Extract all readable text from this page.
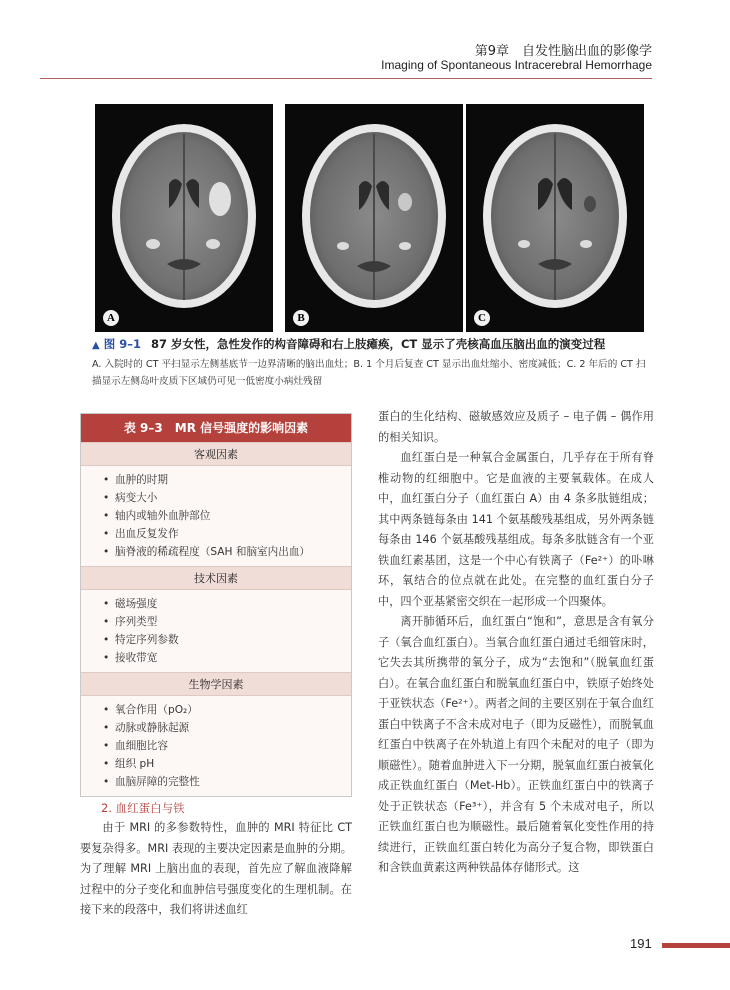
第9章　自发性脑出血的影像学
Imaging of Spontaneous Intracerebral Hemorrhage
A	B	C
▲ 图 9–1 87 岁女性，急性发作的构音障碍和右上肢瘫痪，CT 显示了壳核高血压脑出血的演变过程
A. 入院时的 CT 平扫显示左侧基底节一边界清晰的脑出血灶；B. 1 个月后复查 CT 显示出血灶缩小、密度减低；C. 2 年后的 CT 扫描显示左侧岛叶皮质下区域仍可见一低密度小病灶残留
表 9–3　MR 信号强度的影响因素
客观因素
• 血肿的时期
• 病变大小
• 轴内或轴外血肿部位
• 出血反复发作
• 脑脊液的稀疏程度（SAH 和脑室内出血）
技术因素
• 磁场强度
• 序列类型
• 特定序列参数
• 接收带宽
生物学因素
• 氧合作用（pO₂）
• 动脉或静脉起源
• 血细胞比容
• 组织 pH
• 血脑屏障的完整性
2. 血红蛋白与铁

由于 MRI 的多参数特性，血肿的 MRI 特征比 CT 要复杂得多。MRI 表现的主要决定因素是血肿的分期。为了理解 MRI 上脑出血的表现，首先应了解血液降解过程中的分子变化和血肿信号强度变化的生理机制。在接下来的段落中，我们将讲述血红

蛋白的生化结构、磁敏感效应及质子 – 电子偶 – 偶作用的相关知识。

血红蛋白是一种氧合金属蛋白，几乎存在于所有脊椎动物的红细胞中。它是血液的主要氧载体。在成人中，血红蛋白分子（血红蛋白 A）由 4 条多肽链组成；其中两条链每条由 141 个氨基酸残基组成，另外两条链每条由 146 个氨基酸残基组成。每条多肽链含有一个亚铁血红素基团，这是一个中心有铁离子（Fe²⁺）的卟啉环，氧结合的位点就在此处。在完整的血红蛋白分子中，四个亚基紧密交织在一起形成一个四聚体。

离开肺循环后，血红蛋白“饱和”，意思是含有氧分子（氧合血红蛋白）。当氧合血红蛋白通过毛细管床时，它失去其所携带的氧分子，成为“去饱和”（脱氧血红蛋白）。在氧合血红蛋白和脱氧血红蛋白中，铁原子始终处于亚铁状态（Fe²⁺）。两者之间的主要区别在于氧合血红蛋白中铁离子不含未成对电子（即为反磁性），而脱氧血红蛋白中铁离子在外轨道上有四个未配对的电子（即为顺磁性）。随着血肿进入下一分期，脱氧血红蛋白被氧化成正铁血红蛋白（Met-Hb）。正铁血红蛋白中的铁离子处于正铁状态（Fe³⁺），并含有 5 个未成对电子，所以正铁血红蛋白也为顺磁性。最后随着氧化变性作用的持续进行，正铁血红蛋白转化为高分子复合物，即铁蛋白和含铁血黄素这两种铁晶体存储形式。这

191
